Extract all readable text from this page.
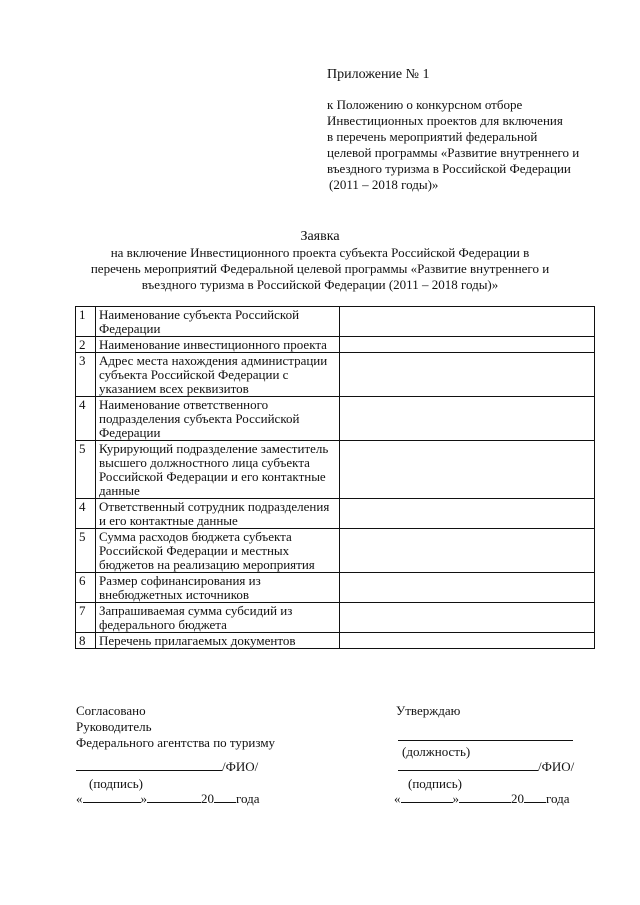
Приложение № 1
к Положению о конкурсном отборе
Инвестиционных проектов для включения
в перечень мероприятий федеральной
целевой программы «Развитие внутреннего и
въездного туризма в Российской Федерации
(2011 – 2018 годы)»
Заявка
на включение Инвестиционного проекта субъекта Российской Федерации в
перечень мероприятий Федеральной целевой программы «Развитие внутреннего и
въездного туризма в Российской Федерации (2011 – 2018 годы)»
1	Наименование субъекта Российской
Федерации	

2	Наименование инвестиционного проекта	

3	Адрес места нахождения администрации
субъекта Российской Федерации с
указанием всех реквизитов	

4	Наименование ответственного
подразделения субъекта Российской
Федерации	

5	Курирующий подразделение заместитель
высшего должностного лица субъекта
Российской Федерации и его контактные
данные	

4	Ответственный сотрудник подразделения
и его контактные данные	

5	Сумма расходов бюджета субъекта
Российской Федерации и местных
бюджетов на реализацию мероприятия	

6	Размер софинансирования из
внебюджетных источников	

7	Запрашиваемая сумма субсидий из
федерального бюджета	

8	Перечень прилагаемых документов	

Согласовано
Руководитель
Федерального агентства по туризму
/ФИО/
(подпись)
«	»	20 года
Утверждаю
(должность)
/ФИО/
(подпись)
«	»	20 года
